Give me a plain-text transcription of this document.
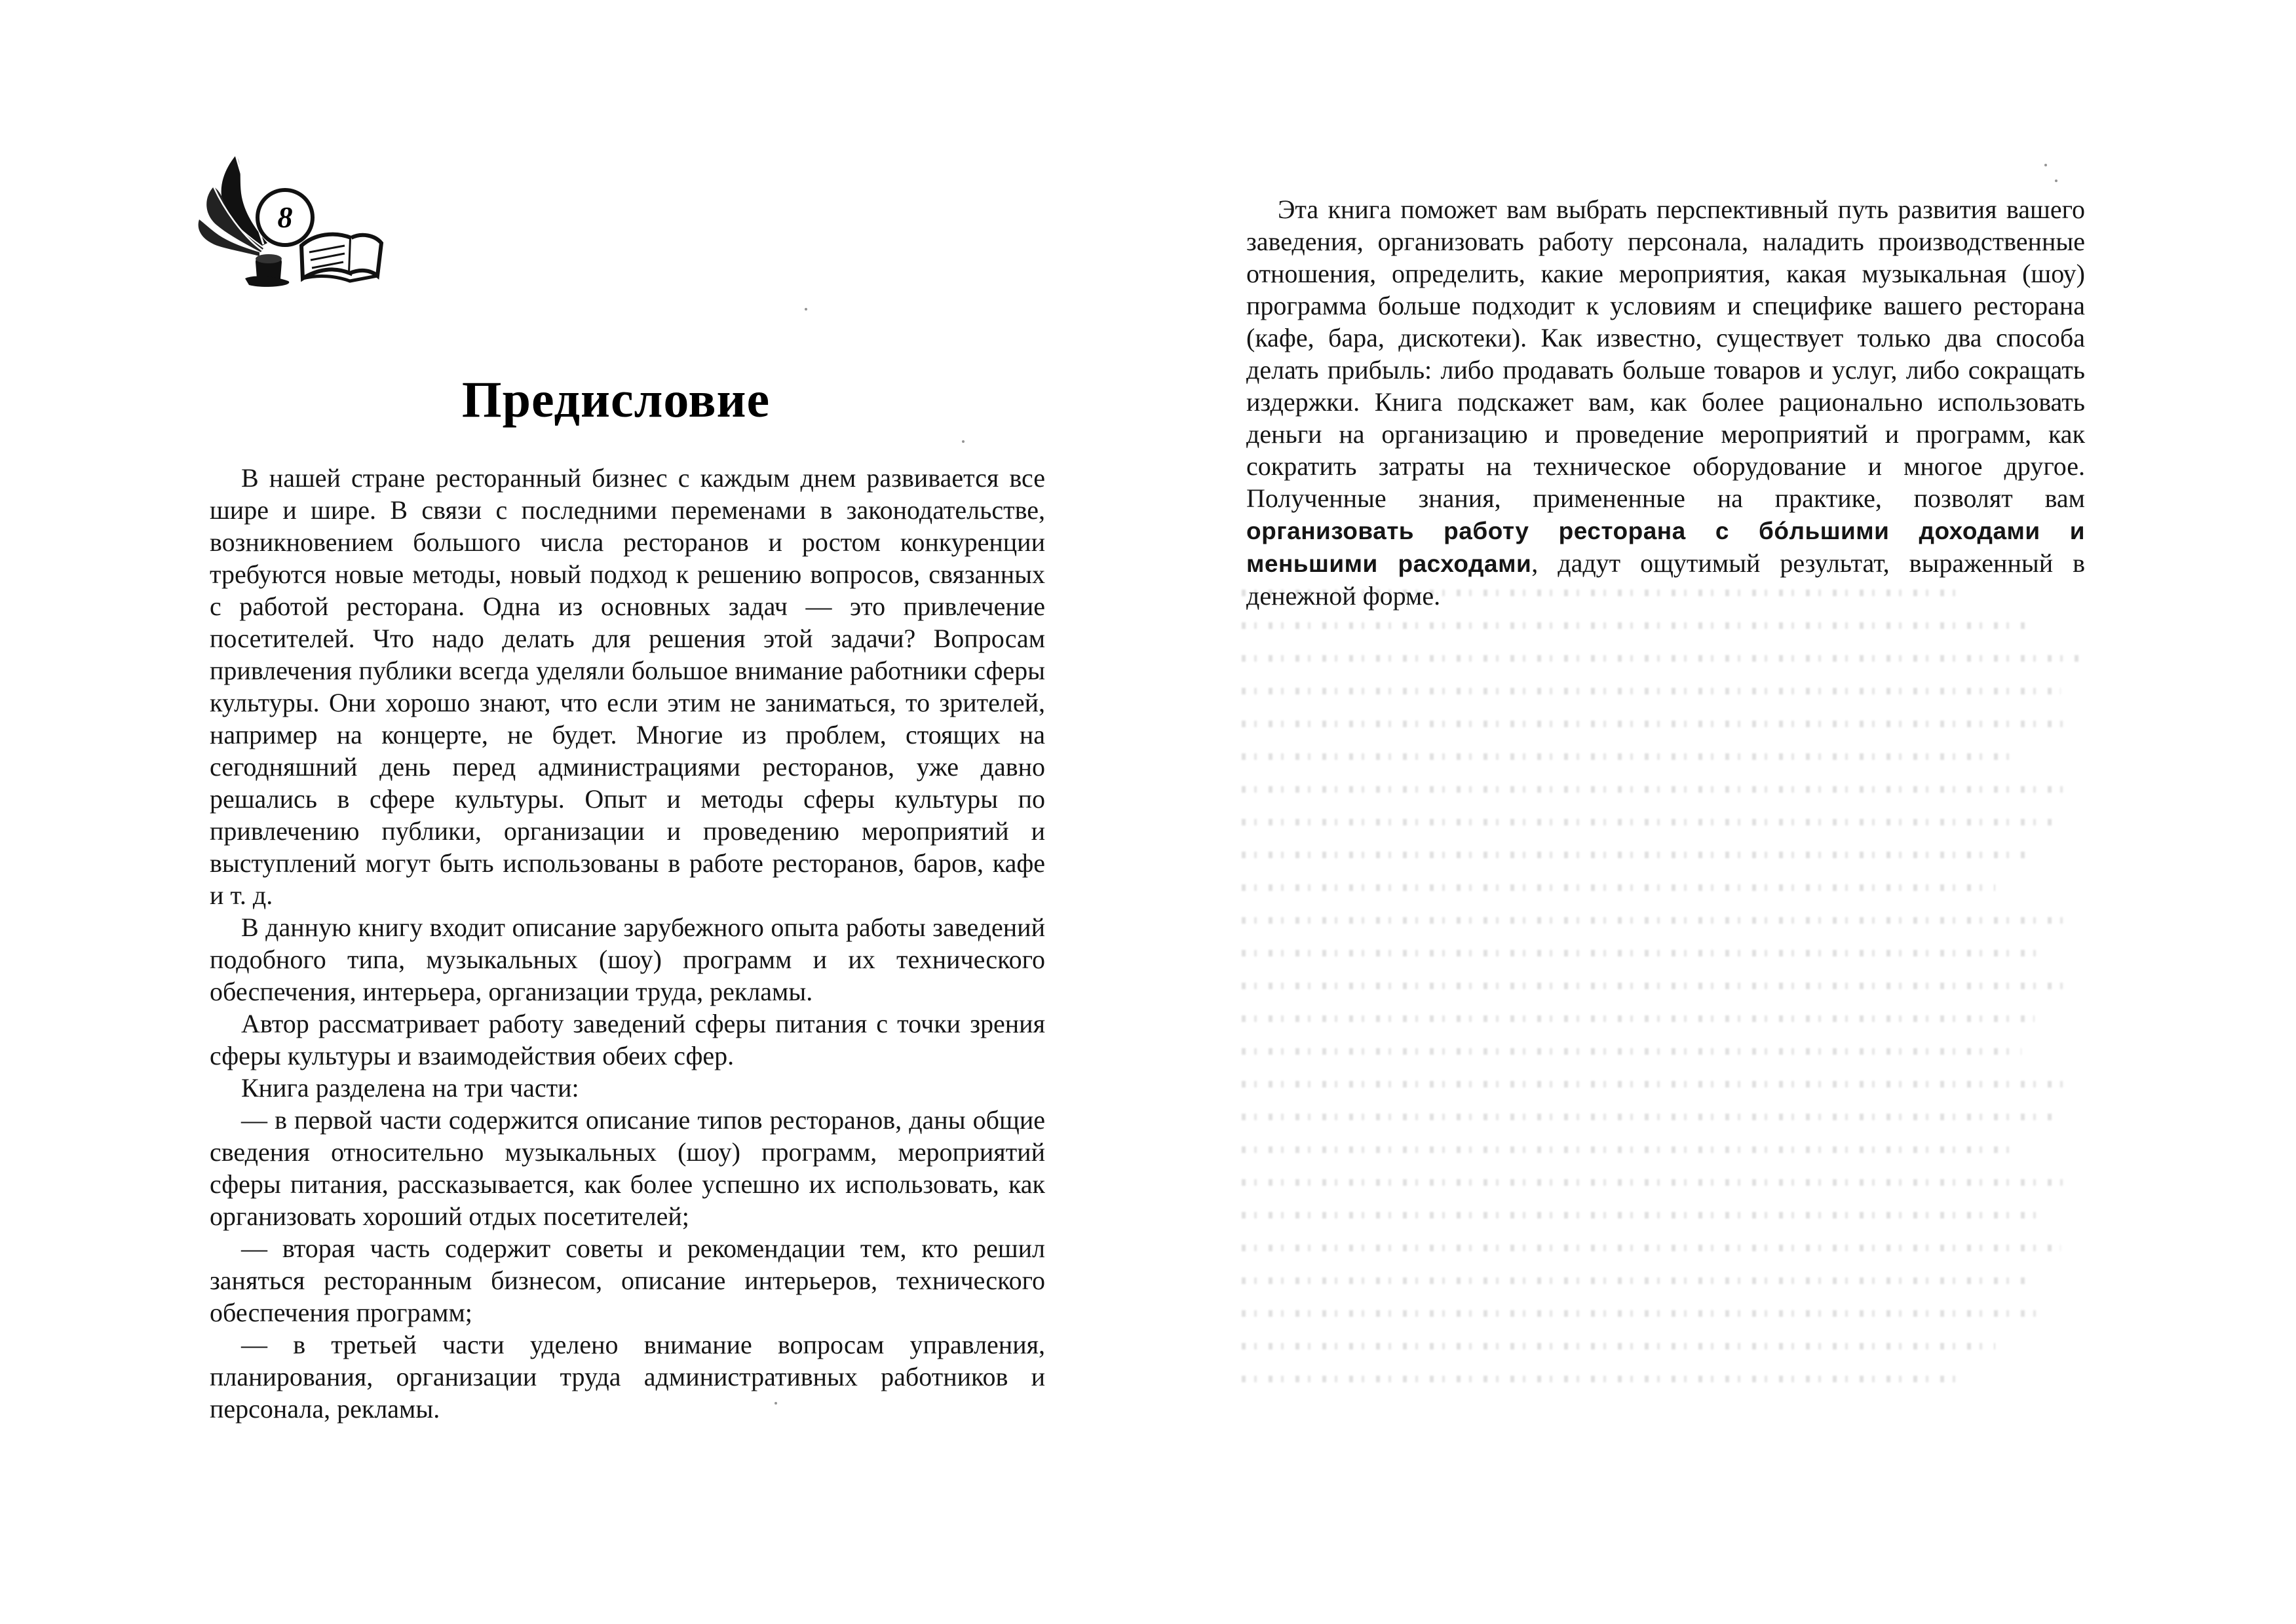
8
Предисловие

В нашей стране ресторанный бизнес с каждым днем развивается все шире и шире. В связи с последними переменами в законодательстве, возникновением большого числа ресторанов и ростом конкуренции требуются новые методы, новый подход к решению вопросов, связанных с работой ресторана. Одна из основных задач — это привлечение посетителей. Что надо делать для решения этой задачи? Вопросам привлечения публики всегда уделяли большое внимание работники сферы культуры. Они хорошо знают, что если этим не заниматься, то зрителей, например на концерте, не будет. Многие из проблем, стоящих на сегодняшний день перед администрациями ресторанов, уже давно решались в сфере культуры. Опыт и методы сферы культуры по привлечению публики, организации и проведению мероприятий и выступлений могут быть использованы в работе ресторанов, баров, кафе и т. д.

В данную книгу входит описание зарубежного опыта работы заведений подобного типа, музыкальных (шоу) программ и их технического обеспечения, интерьера, организации труда, рекламы.

Автор рассматривает работу заведений сферы питания с точки зрения сферы культуры и взаимодействия обеих сфер.

Книга разделена на три части:

— в первой части содержится описание типов ресторанов, даны общие сведения относительно музыкальных (шоу) программ, мероприятий сферы питания, рассказывается, как более успешно их использовать, как организовать хороший отдых посетителей;

— вторая часть содержит советы и рекомендации тем, кто решил заняться ресторанным бизнесом, описание интерьеров, технического обеспечения программ;

— в третьей части уделено внимание вопросам управления, планирования, организации труда административных работников и персонала, рекламы.

Эта книга поможет вам выбрать перспективный путь развития вашего заведения, организовать работу персонала, наладить производственные отношения, определить, какие мероприятия, какая музыкальная (шоу) программа больше подходит к условиям и специфике вашего ресторана (кафе, бара, дискотеки). Как известно, существует только два способа делать прибыль: либо продавать больше товаров и услуг, либо сокращать издержки. Книга подскажет вам, как более рационально использовать деньги на организацию и проведение мероприятий и программ, как сократить затраты на техническое оборудование и многое другое. Полученные знания, примененные на практике, позволят вам организовать работу ресторана с бóльшими доходами и меньшими расходами, дадут ощутимый результат, выраженный в денежной форме.
